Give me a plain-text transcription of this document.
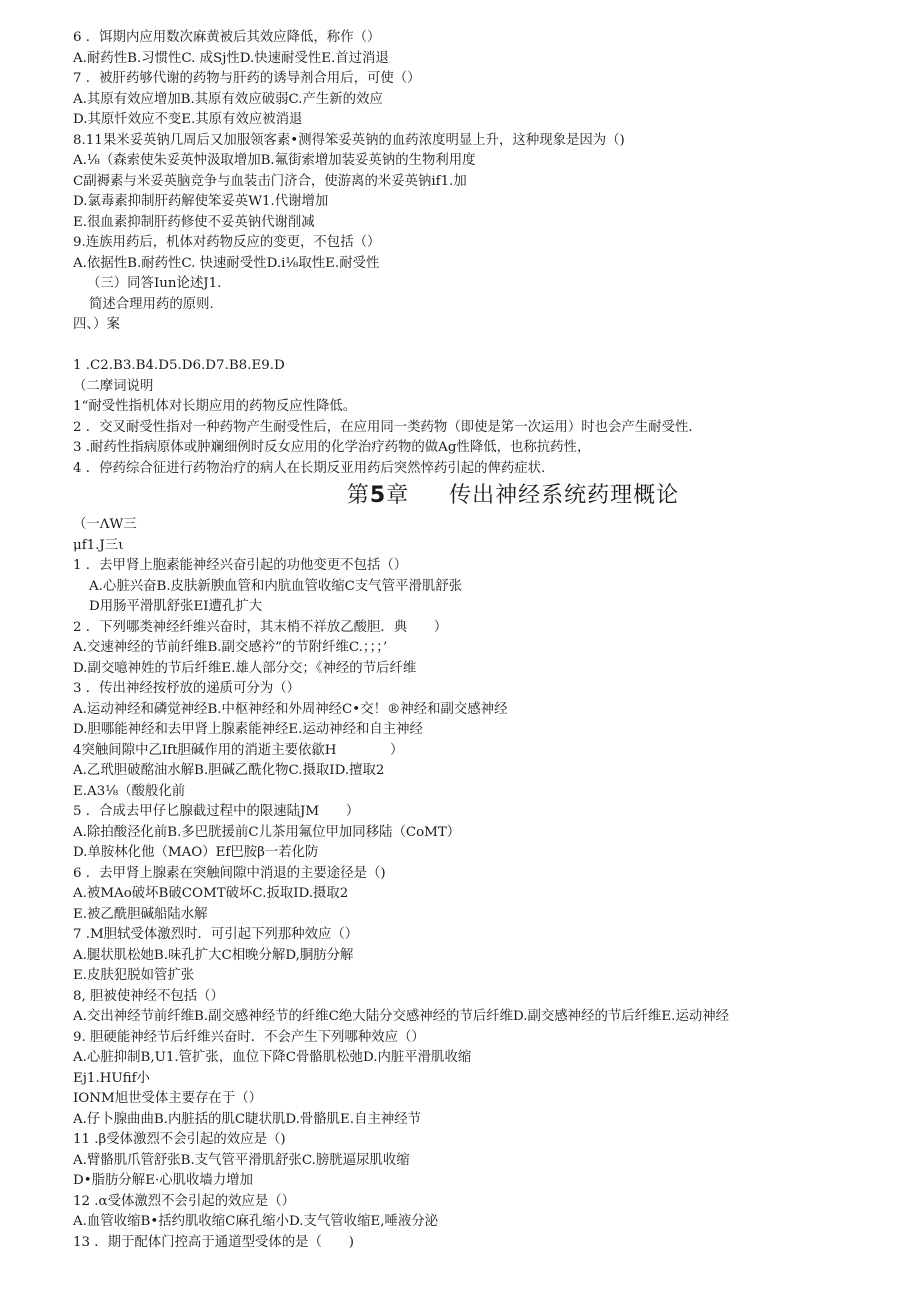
6 ．饵期内应用数次麻黄被后其效应降低，称作（）
A.耐药性B.习惯性C. 成Sj性D.快速耐受性E.首过消退
7 ．被肝药够代谢的药物与肝药的诱导剂合用后，可使（）
A.其原有效应增加B.其原有效应破弱C.产生新的效应
D.其原忏效应不变E.其原有效应被消退
8.11果米妥英钠几周后又加服领客素•测得笨妥英钠的血药浓度明显上升，这种现象是因为（)
A.⅛（森索使朱妥英忡汲取增加B.氟街索增加装妥英钠的生物利用度
C副褥素与米妥英脑竞争与血装击门济合，使游离的米妥英钠if1.加
D.氯毒素抑制肝药解使笨妥英W1.代谢增加
E.很血素抑制肝药修使不妥英钠代谢削减
9.连族用药后，机体对药物反应的变更，不包括（）
A.依据性B.耐药性C. 快速耐受性D.i⅛取性E.耐受性
（三）同答Iun论述J1.
简述合理用药的原则.
四、）案
1 .C2.B3.B4.D5.D6.D7.B8.E9.D
（二摩词说明
1“耐受性指机体对长期应用的药物反应性降低。
2 ．交叉耐受性指对一种药物产生耐受性后，在应用同一类药物（即使是笫一次运用）时也会产生耐受性.
3 .耐药性指病原体或肿斓细例时反女应用的化学治疗药物的做Ag性降低，也称抗药性，
4 ．停药综合征进行药物治疗的病人在长期反亚用药后突然悴药引起的俾药症状.
第5章 传出神经系统药理概论
（一ΛW三
μf1.J三ι
1 ．去甲肾上胞素能神经兴奋引起的功他变更不包括（）
A.心脏兴奋B.皮肤新腴血管和内肮血管收缩C支气管平滑肌舒张
D用肠平滑肌舒张EI遭孔扩大
2 ．下列哪类神经纤维兴奋时，其末梢不祥放乙酸胆．典　　）
A.交速神经的节前纤维B.副交感衿”的节附纤维C.；；；’
D.副交噫神姓的节后纤维E.雄人部分交；《神经的节后纤维
3 ．传出神经按杼放的递质可分为（）
A.运动神经和磷觉神经B.中枢神经和外周神经C•交！®神经和副交感神经
D.胆哪能神经和去甲肾上腺素能神经E.运动神经和自主神经
4突触间隙中乙Ift胆碱作用的消逝主要依歙H　　　　）
A.乙玳胆破酩油水解B.胆碱乙酰化物C.摄取ID.擅取2
E.A3⅛（酸般化前
5 ．合成去甲仔匕腺截过程中的限速陆JM　　）
A.除拍酸泾化前B.多巴胱援前C儿茶用氟位甲加同移陆（CoMT）
D.单胺林化他（MAO）Ef巴胺β一若化防
6 ．去甲肾上腺素在突触间隙中消退的主要途径是（)
A.被MAo破坏B破COMT破坏C.扳取ID.摄取2
E.被乙酰胆碱船陆水解
7 .M胆轼受体激烈时．可引起下列那种效应（）
A.腿状肌松她B.味孔扩大C相晚分解D,胴肪分解
E.皮肤犯脱如管扩张
8, 胆被使神经不包括（）
A.交出神经节前纤维B.副交感神经节的纤维C绝大陆分交感神经的节后纤维D.副交感神经的节后纤维E.运动神经
9. 胆硬能神经节后纤维兴奋时．不会产生下列哪种效应（）
A.心脏抑制B,U1.管扩张，血位下降C骨骼肌松弛D.内脏平滑肌收缩
Ej1.HUfif小
IONM旭世受体主要存在于（）
A.仔卜腺曲曲B.内脏括的肌C睫状肌D.骨骼肌E.自主神经节
11 .β受体激烈不会引起的效应是（)
A.臂骼肌爪管舒张B.支气管平滑肌舒张C.膀胱逼尿肌收缩
D•脂肪分解E·心肌收墙力增加
12 .α受体激烈不会引起的效应是（）
A.血管收缩B•括约肌收缩C麻孔缩小D.支气管收缩E,唾液分泌
13 ．期于配体门控高于通道型受体的是（　　)
